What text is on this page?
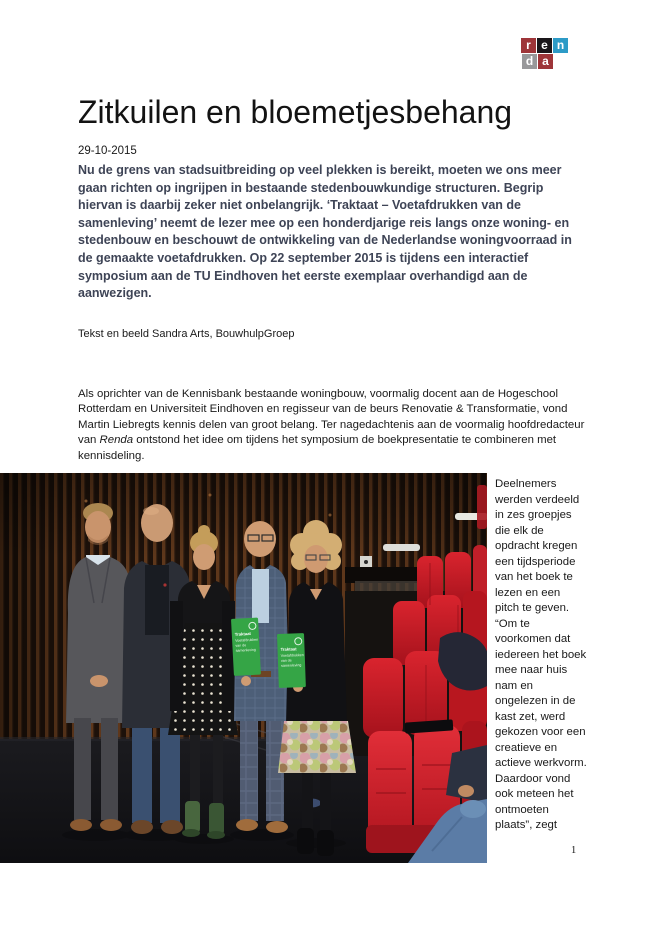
r e n
d a
Zitkuilen en bloemetjesbehang
29-10-2015
Nu de grens van stadsuitbreiding op veel plekken is bereikt, moeten we ons meer gaan richten op ingrijpen in bestaande stedenbouwkundige structuren. Begrip hiervan is daarbij zeker niet onbelangrijk. ‘Traktaat – Voetafdrukken van de samenleving’ neemt de lezer mee op een honderdjarige reis langs onze woning- en stedenbouw en beschouwt de ontwikkeling van de Nederlandse woningvoorraad in de gemaakte voetafdrukken. Op 22 september 2015 is tijdens een interactief symposium aan de TU Eindhoven het eerste exemplaar overhandigd aan de aanwezigen.
Tekst en beeld Sandra Arts, BouwhulpGroep
Als oprichter van de Kennisbank bestaande woningbouw, voormalig docent aan de Hogeschool Rotterdam en Universiteit Eindhoven en regisseur van de beurs Renovatie & Transformatie, vond Martin Liebregts kennis delen van groot belang. Ter nagedachtenis aan de voormalig hoofdredacteur van Renda ontstond het idee om tijdens het symposium de boekpresentatie te combineren met kennisdeling.
Traktaat
Voetafdrukken
van de
samenleving	Traktaat
Voetafdrukken
van de
samenleving
Deelnemers werden verdeeld in zes groepjes die elk de opdracht kregen een tijdsperiode van het boek te lezen en een pitch te geven. “Om te voorkomen dat iedereen het boek mee naar huis nam en ongelezen in de kast zet, werd gekozen voor een creatieve en actieve werkvorm. Daardoor vond ook meteen het ontmoeten plaats”, zegt
1
